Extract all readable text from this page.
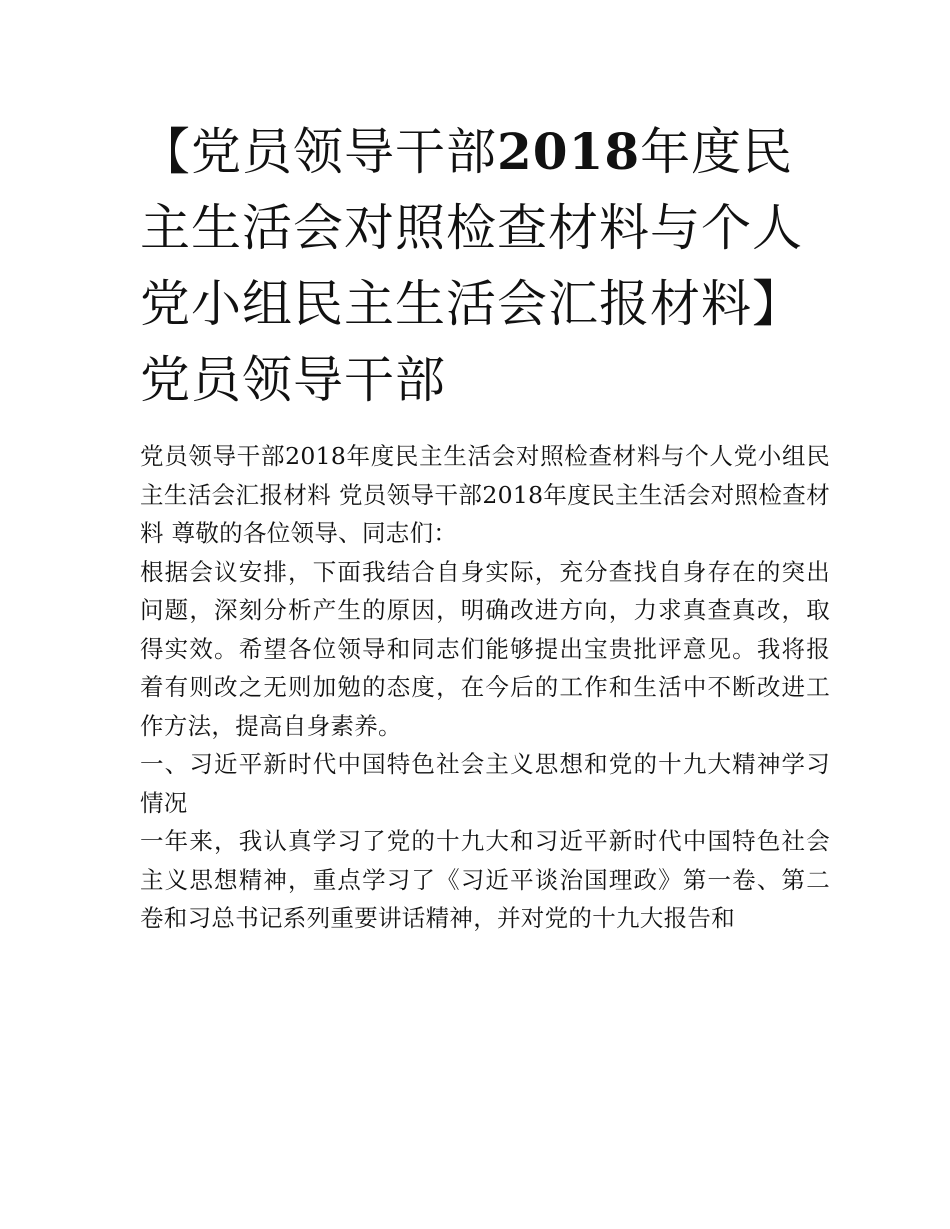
【党员领导干部2018年度民主生活会对照检查材料与个人党小组民主生活会汇报材料】党员领导干部

党员领导干部2018年度民主生活会对照检查材料与个人党小组民主生活会汇报材料 党员领导干部2018年度民主生活会对照检查材料 尊敬的各位领导、同志们：

根据会议安排，下面我结合自身实际，充分查找自身存在的突出问题，深刻分析产生的原因，明确改进方向，力求真查真改，取得实效。希望各位领导和同志们能够提出宝贵批评意见。我将报着有则改之无则加勉的态度，在今后的工作和生活中不断改进工作方法，提高自身素养。

一、习近平新时代中国特色社会主义思想和党的十九大精神学习情况

一年来，我认真学习了党的十九大和习近平新时代中国特色社会主义思想精神，重点学习了《习近平谈治国理政》第一卷、第二卷和习总书记系列重要讲话精神，并对党的十九大报告和
